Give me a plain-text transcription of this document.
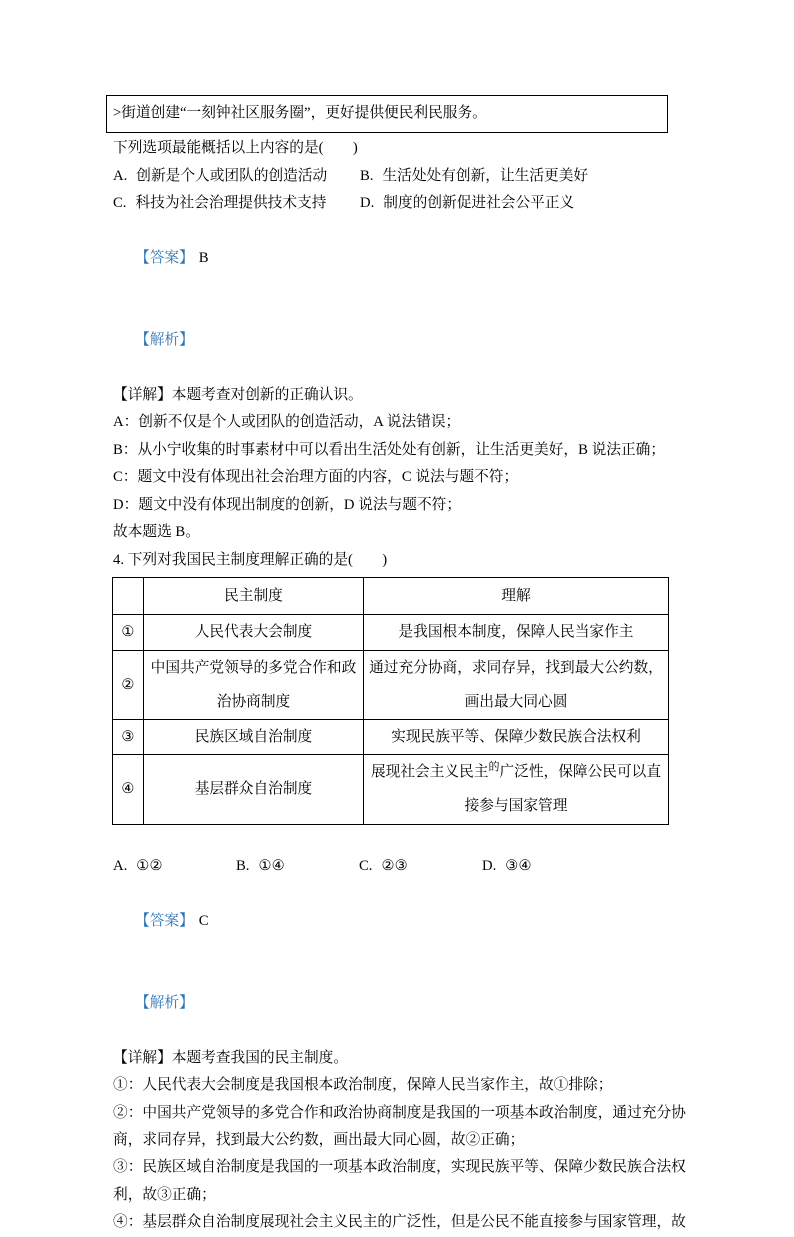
>街道创建“一刻钟社区服务圈”，更好提供便民利民服务。
下列选项最能概括以上内容的是(　　)
A. 创新是个人或团队的创造活动	B. 生活处处有创新，让生活更美好
C. 科技为社会治理提供技术支持	D. 制度的创新促进社会公平正义

【答案】 B

【解析】

【详解】本题考查对创新的正确认识。
A：创新不仅是个人或团队的创造活动，A 说法错误；
B：从小宁收集的时事素材中可以看出生活处处有创新，让生活更美好，B 说法正确；
C：题文中没有体现出社会治理方面的内容，C 说法与题不符；
D：题文中没有体现出制度的创新，D 说法与题不符；
故本题选 B。
4. 下列对我国民主制度理解正确的是(　　)
	民主制度	理解
①	人民代表大会制度	是我国根本制度，保障人民当家作主
②	中国共产党领导的多党合作和政治协商制度	通过充分协商，求同存异，找到最大公约数，画出最大同心圆
③	民族区域自治制度	实现民族平等、保障少数民族合法权利
④	基层群众自治制度	展现社会主义民主$^的$广泛性，保障公民可以直接参与国家管理
A. ①②	B. ①④	C. ②③	D. ③④

【答案】 C

【解析】

【详解】本题考查我国的民主制度。
①：人民代表大会制度是我国根本政治制度，保障人民当家作主，故①排除；
②：中国共产党领导的多党合作和政治协商制度是我国的一项基本政治制度，通过充分协
商，求同存异，找到最大公约数，画出最大同心圆，故②正确；
③：民族区域自治制度是我国的一项基本政治制度，实现民族平等、保障少数民族合法权
利，故③正确；
④：基层群众自治制度展现社会主义民主的广泛性，但是公民不能直接参与国家管理，故
